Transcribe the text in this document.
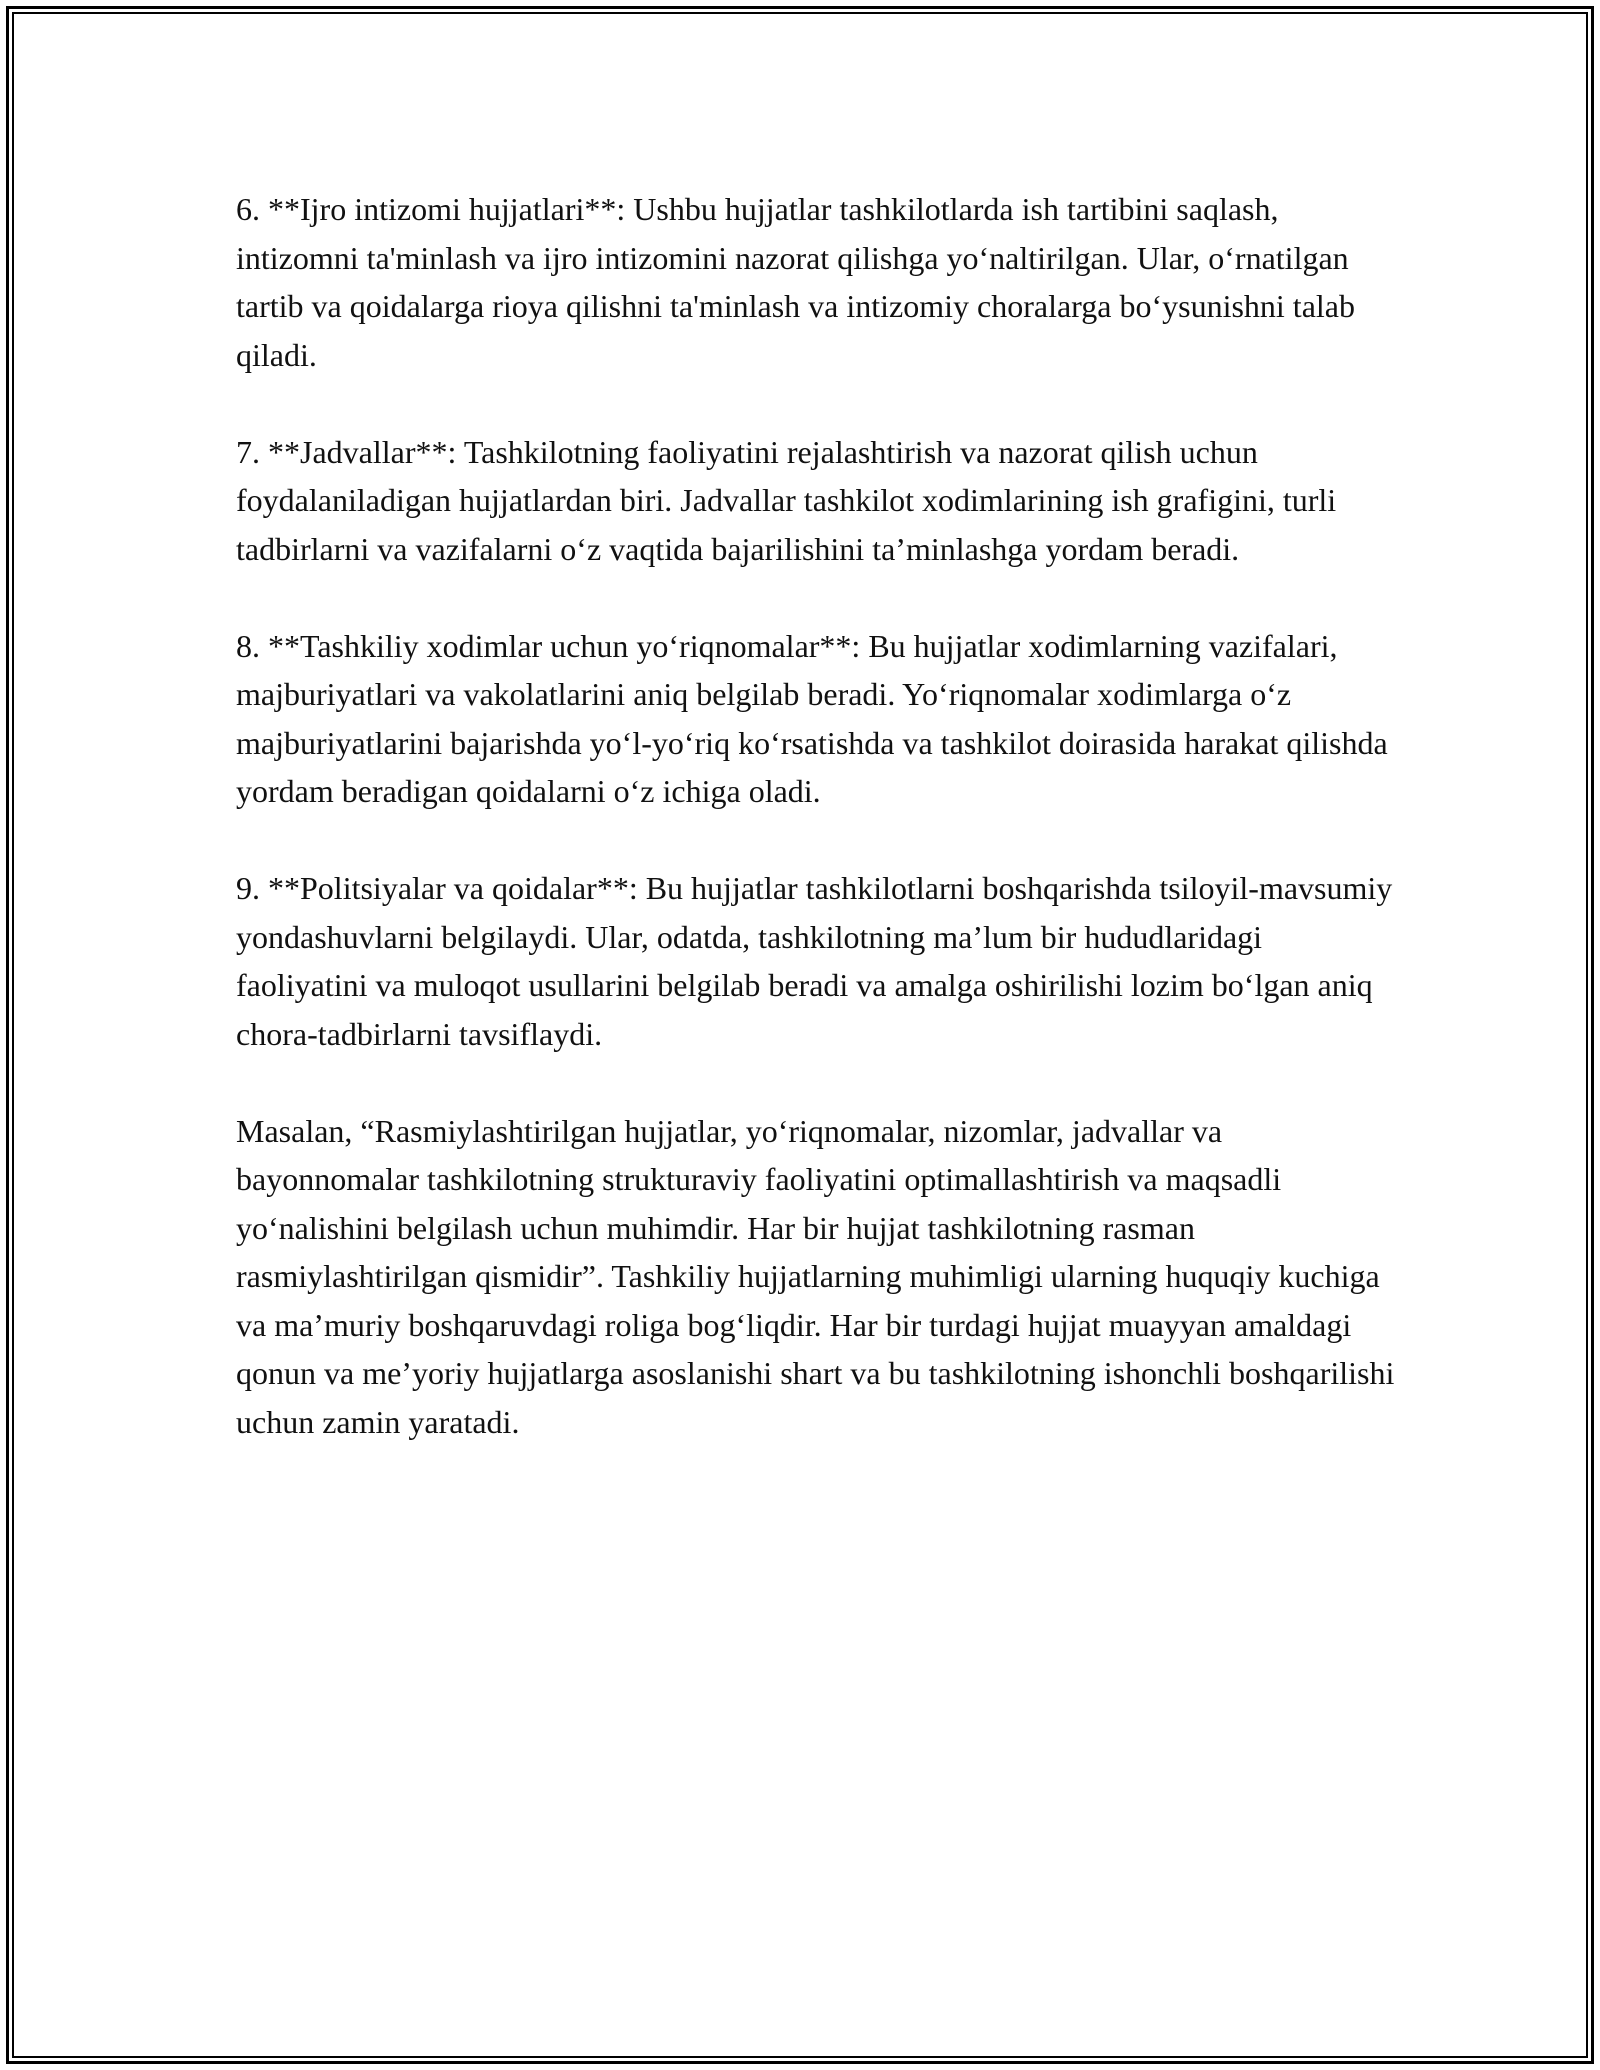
6. **Ijro intizomi hujjatlari**: Ushbu hujjatlar tashkilotlarda ish tartibini saqlash, intizomni ta'minlash va ijro intizomini nazorat qilishga yo‘naltirilgan. Ular, o‘rnatilgan tartib va qoidalarga rioya qilishni ta'minlash va intizomiy choralarga bo‘ysunishni talab qiladi.

7. **Jadvallar**: Tashkilotning faoliyatini rejalashtirish va nazorat qilish uchun foydalaniladigan hujjatlardan biri. Jadvallar tashkilot xodimlarining ish grafigini, turli tadbirlarni va vazifalarni o‘z vaqtida bajarilishini ta’minlashga yordam beradi.

8. **Tashkiliy xodimlar uchun yo‘riqnomalar**: Bu hujjatlar xodimlarning vazifalari, majburiyatlari va vakolatlarini aniq belgilab beradi. Yo‘riqnomalar xodimlarga o‘z majburiyatlarini bajarishda yo‘l-yo‘riq ko‘rsatishda va tashkilot doirasida harakat qilishda yordam beradigan qoidalarni o‘z ichiga oladi.

9. **Politsiyalar va qoidalar**: Bu hujjatlar tashkilotlarni boshqarishda tsiloyil-mavsumiy yondashuvlarni belgilaydi. Ular, odatda, tashkilotning ma’lum bir hududlaridagi faoliyatini va muloqot usullarini belgilab beradi va amalga oshirilishi lozim bo‘lgan aniq chora-tadbirlarni tavsiflaydi.

Masalan, “Rasmiylashtirilgan hujjatlar, yo‘riqnomalar, nizomlar, jadvallar va bayonnomalar tashkilotning strukturaviy faoliyatini optimallashtirish va maqsadli yo‘nalishini belgilash uchun muhimdir. Har bir hujjat tashkilotning rasman rasmiylashtirilgan qismidir”. Tashkiliy hujjatlarning muhimligi ularning huquqiy kuchiga va ma’muriy boshqaruvdagi roliga bog‘liqdir. Har bir turdagi hujjat muayyan amaldagi qonun va me’yoriy hujjatlarga asoslanishi shart va bu tashkilotning ishonchli boshqarilishi uchun zamin yaratadi.
